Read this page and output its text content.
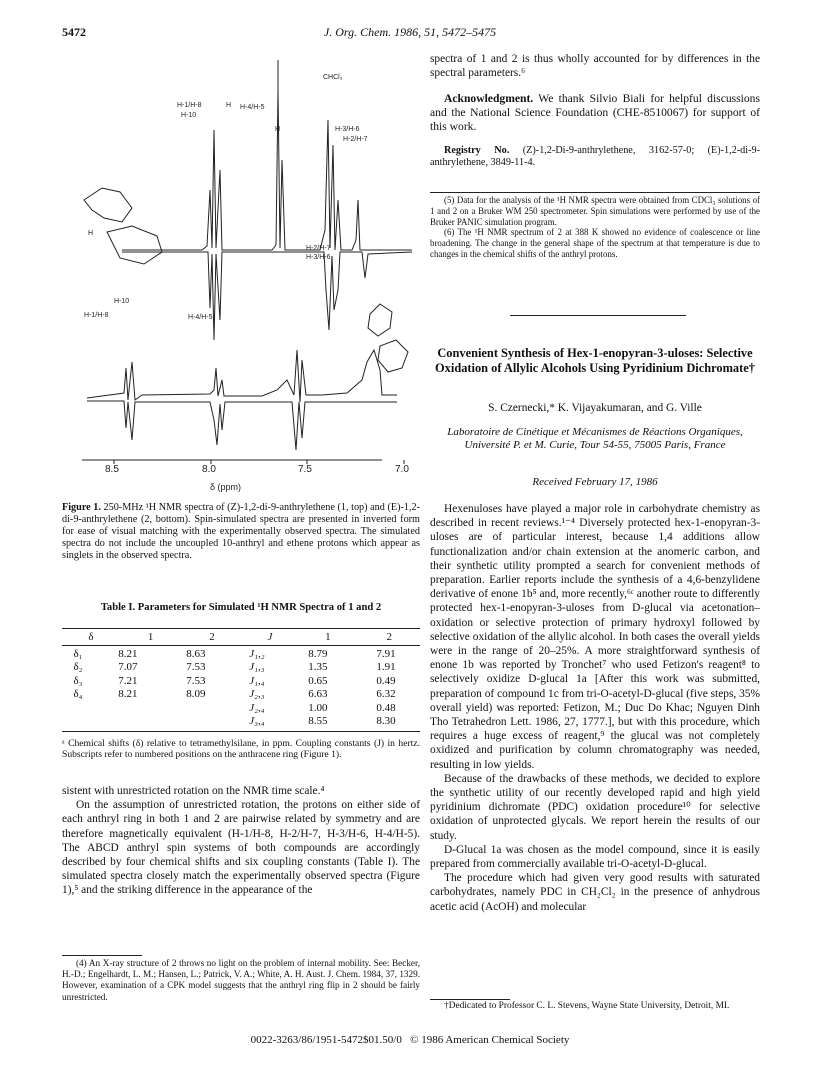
5472	J. Org. Chem. 1986, 51, 5472–5475
CHCl₃
H-1/H-8
H-10
H H-4/H-5
H-3/H-6
H-2/H-7
H
H-2/H-7
H-3/H-6
H-10
H-1/H-8	H-4/H-5
H
8.5	8.0	7.5	7.0
δ (ppm)
Figure 1. 250-MHz ¹H NMR spectra of (Z)-1,2-di-9-anthrylethene (1, top) and (E)-1,2-di-9-anthrylethene (2, bottom). Spin-simulated spectra are presented in inverted form for ease of visual matching with the experimentally observed spectra. The simulated spectra do not include the uncoupled 10-anthryl and ethene protons which appear as singlets in the observed spectra.
Table I. Parameters for Simulated ¹H NMR Spectra of 1 and 2
δ	1	2	J	1	2
δ₁	8.21	8.63	J₁,₂	8.79	7.91
δ₂	7.07	7.53	J₁,₃	1.35	1.91
δ₃	7.21	7.53	J₁,₄	0.65	0.49
δ₄	8.21	8.09	J₂,₃	6.63	6.32
			J₂,₄	1.00	0.48
			J₃,₄	8.55	8.30
ᵃ Chemical shifts (δ) relative to tetramethylsilane, in ppm. Coupling constants (J) in hertz. Subscripts refer to numbered positions on the anthracene ring (Figure 1).

sistent with unrestricted rotation on the NMR time scale.⁴

On the assumption of unrestricted rotation, the protons on either side of each anthryl ring in both 1 and 2 are pairwise related by symmetry and are therefore magnetically equivalent (H-1/H-8, H-2/H-7, H-3/H-6, H-4/H-5). The ABCD anthryl spin systems of both compounds are accordingly described by four chemical shifts and six coupling constants (Table I). The simulated spectra closely match the experimentally observed spectra (Figure 1),⁵ and the striking difference in the appearance of the

(4) An X-ray structure of 2 throws no light on the problem of internal mobility. See: Becker, H.-D.; Engelhardt, L. M.; Hansen, L.; Patrick, V. A.; White, A. H. Aust. J. Chem. 1984, 37, 1329. However, examination of a CPK model suggests that the anthryl ring flip in 2 should be fairly unrestricted.

spectra of 1 and 2 is thus wholly accounted for by differences in the spectral parameters.⁶

Acknowledgment. We thank Silvio Biali for helpful discussions and the National Science Foundation (CHE-8510067) for support of this work.
Registry No. (Z)-1,2-Di-9-anthrylethene, 3162-57-0; (E)-1,2-di-9-anthrylethene, 3849-11-4.

(5) Data for the analysis of the ¹H NMR spectra were obtained from CDCl₃ solutions of 1 and 2 on a Bruker WM 250 spectrometer. Spin simulations were performed by use of the Bruker PANIC simulation program.

(6) The ¹H NMR spectrum of 2 at 388 K showed no evidence of coalescence or line broadening. The change in the general shape of the spectrum at that temperature is due to changes in the chemical shifts of the anthryl protons.

Convenient Synthesis of Hex-1-enopyran-3-uloses: Selective Oxidation of Allylic Alcohols Using Pyridinium Dichromate†
S. Czernecki,* K. Vijayakumaran, and G. Ville
Laboratoire de Cinétique et Mécanismes de Réactions Organiques, Université P. et M. Curie, Tour 54-55, 75005 Paris, France
Received February 17, 1986

Hexenuloses have played a major role in carbohydrate chemistry as described in recent reviews.¹⁻⁴ Diversely protected hex-1-enopyran-3-uloses are of particular interest, because 1,4 additions allow functionalization and/or chain extension at the anomeric carbon, and their synthetic utility prompted a search for convenient methods of preparation. Earlier reports include the synthesis of a 4,6-benzylidene derivative of enone 1b⁵ and, more recently,⁶ᶜ another route to differently protected hex-1-enopyran-3-uloses from D-glucal via acetonation–oxidation or selective protection of primary hydroxyl followed by selective oxidation of the allylic alcohol. In both cases the overall yields were in the range of 20–25%. A more straightforward synthesis of enone 1b was reported by Tronchet⁷ who used Fetizon's reagent⁸ to selectively oxidize D-glucal 1a [After this work was submitted, preparation of compound 1c from tri-O-acetyl-D-glucal (five steps, 35% overall yield) was reported: Fetizon, M.; Duc Do Khac; Nguyen Dinh Tho Tetrahedron Lett. 1986, 27, 1777.], but with this procedure, which requires a huge excess of reagent,⁹ the glucal was not completely oxidized and purification by column chromatography was needed, resulting in low yields.

Because of the drawbacks of these methods, we decided to explore the synthetic utility of our recently developed rapid and high yield pyridinium dichromate (PDC) oxidation procedure¹⁰ for selective oxidation of unprotected glycals. We report herein the results of our study.

D-Glucal 1a was chosen as the model compound, since it is easily prepared from commercially available tri-O-acetyl-D-glucal.

The procedure which had given very good results with saturated carbohydrates, namely PDC in CH₂Cl₂ in the presence of anhydrous acetic acid (AcOH) and molecular

†Dedicated to Professor C. L. Stevens, Wayne State University, Detroit, MI.
0022-3263/86/1951-5472$01.50/0 © 1986 American Chemical Society
